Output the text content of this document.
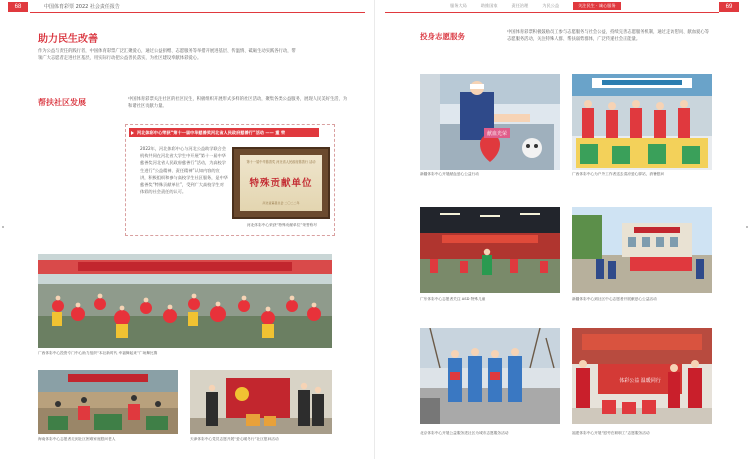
68	中国体育彩票 2022 社会责任报告
助力民生改善
作为公益与责任的践行者，中国体育彩票广泛汇聚爱心，通过公益捐赠、志愿服务等举措开展进基层、传温情、砥砺生动实践各行动，带领广大志愿者走进社区基层，用实际行动把公益善民落实，为社区建设奉献体彩爱心。
帮扶社区发展	中国体育彩票关注社区的社区民生，积极组织开展形式多样的社区活动，聚集各类公益服务，展现人民美好生活，为和谐社区贡献力量。
河北体彩中心荣获“第十一届中华慈善奖河北省人民政府慈善行”活动 —— 重 荣
2022年，河北体彩中心与河北公益助学联合会机构共同在河北省大学生中开展“第十一届中华慈善奖河北省人民政府慈善行”活动，为高校学生进行“公益精神、责任精神”认知内容的宣讲，积极组织和参与高校学生社区服务，是中华慈善奖“特殊贡献单位”，受到广大高校学生对体彩的社会责任的认可。
第十一届中华慈善奖 河北省人民政府慈善行 活动
特殊贡献单位
河北省慈善总会 二〇二二年
河北体彩中心荣获“特殊贡献单位”荣誉称号
广西体彩中心投资专门中心助力组织“本社新时代 幸福舞起来”广场舞比赛
海南体彩中心志愿者走到社区困难家庭慰问老人	天津体彩中心党员志愿开展“爱心暖冬行”社区慰问活动
服务大局	助推国家	责任治理	为民公益	关注民生 · 诚心服务	69
投身志愿服务	中国体育彩票积极鼓励员工参与志愿服务与社会公益，持续完善志愿服务机制，通过走访慰问、献血爱心等志愿服务活动，关注特殊人群、帮扶弱势群体，广泛传递社会正能量。
献血光荣
新疆体彩中心开展献血爱心公益行动	广西体彩中心为户外工作者送去清凉爱心驿站，消暑慰问
广东体彩中心志愿者关注 ASD 特殊儿童	新疆体彩中心到社区中心志愿者开展献爱心公益活动
北京体彩中心开展公益服务进社区为城市志愿服务活动
体彩公益 温暖同行
福建体彩中心开展“慰劳在职职工”志愿服务活动
